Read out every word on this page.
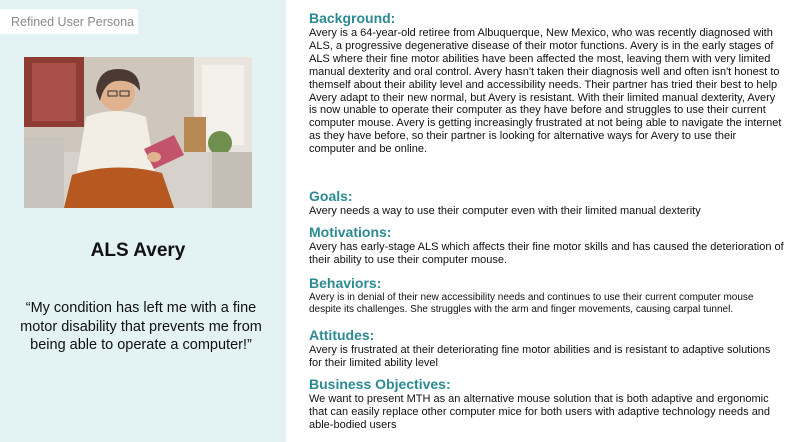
Refined User Persona
ALS Avery
“My condition has left me with a fine motor disability that prevents me from being able to operate a computer!”
Background:
Avery is a 64-year-old retiree from Albuquerque, New Mexico, who was recently diagnosed with ALS, a progressive degenerative disease of their motor functions. Avery is in the early stages of ALS where their fine motor abilities have been affected the most, leaving them with very limited manual dexterity and oral control. Avery hasn't taken their diagnosis well and often isn't honest to themself about their ability level and accessibility needs. Their partner has tried their best to help Avery adapt to their new normal, but Avery is resistant. With their limited manual dexterity, Avery is now unable to operate their computer as they have before and struggles to use their current computer mouse. Avery is getting increasingly frustrated at not being able to navigate the internet as they have before, so their partner is looking for alternative ways for Avery to use their computer and be online.
Goals:
Avery needs a way to use their computer even with their limited manual dexterity
Motivations:
Avery has early-stage ALS which affects their fine motor skills and has caused the deterioration of their ability to use their computer mouse.
Behaviors:
Avery is in denial of their new accessibility needs and continues to use their current computer mouse despite its challenges. She struggles with the arm and finger movements, causing carpal tunnel.
Attitudes:
Avery is frustrated at their deteriorating fine motor abilities and is resistant to adaptive solutions for their limited ability level
Business Objectives:
We want to present MTH as an alternative mouse solution that is both adaptive and ergonomic that can easily replace other computer mice for both users with adaptive technology needs and able-bodied users
